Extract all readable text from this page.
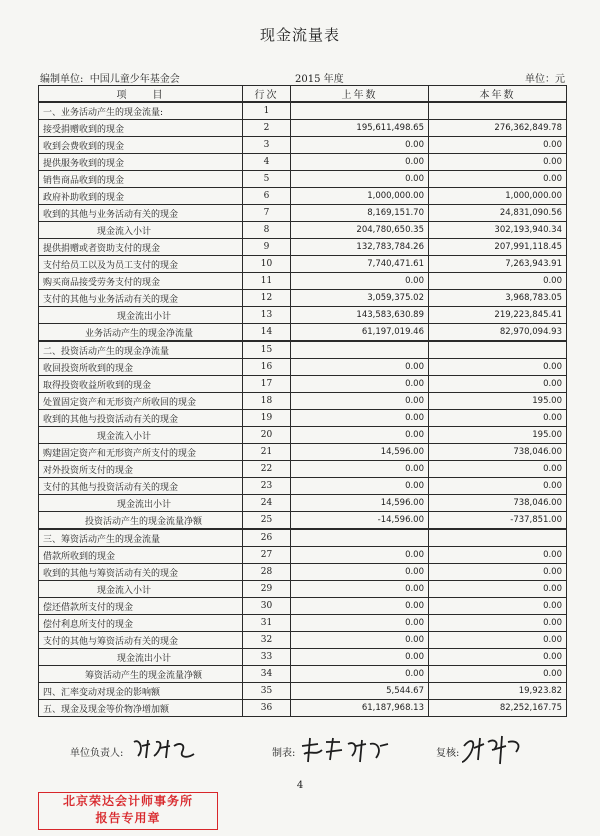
现金流量表
编制单位: 中国儿童少年基金会	2015 年度	单位：元
项　　目	行次	上年数	本年数
一、业务活动产生的现金流量:	1		
接受捐赠收到的现金	2	195,611,498.65	276,362,849.78
收到会费收到的现金	3	0.00	0.00
提供服务收到的现金	4	0.00	0.00
销售商品收到的现金	5	0.00	0.00
政府补助收到的现金	6	1,000,000.00	1,000,000.00
收到的其他与业务活动有关的现金	7	8,169,151.70	24,831,090.56
现金流入小计	8	204,780,650.35	302,193,940.34
提供捐赠或者资助支付的现金	9	132,783,784.26	207,991,118.45
支付给员工以及为员工支付的现金	10	7,740,471.61	7,263,943.91
购买商品接受劳务支付的现金	11	0.00	0.00
支付的其他与业务活动有关的现金	12	3,059,375.02	3,968,783.05
现金流出小计	13	143,583,630.89	219,223,845.41
业务活动产生的现金净流量	14	61,197,019.46	82,970,094.93
二、投资活动产生的现金净流量	15		
收回投资所收到的现金	16	0.00	0.00
取得投资收益所收到的现金	17	0.00	0.00
处置固定资产和无形资产所收回的现金	18	0.00	195.00
收到的其他与投资活动有关的现金	19	0.00	0.00
现金流入小计	20	0.00	195.00
购建固定资产和无形资产所支付的现金	21	14,596.00	738,046.00
对外投资所支付的现金	22	0.00	0.00
支付的其他与投资活动有关的现金	23	0.00	0.00
现金流出小计	24	14,596.00	738,046.00
投资活动产生的现金流量净额	25	-14,596.00	-737,851.00
三、筹资活动产生的现金流量	26		
借款所收到的现金	27	0.00	0.00
收到的其他与筹资活动有关的现金	28	0.00	0.00
现金流入小计	29	0.00	0.00
偿还借款所支付的现金	30	0.00	0.00
偿付利息所支付的现金	31	0.00	0.00
支付的其他与筹资活动有关的现金	32	0.00	0.00
现金流出小计	33	0.00	0.00
筹资活动产生的现金流量净额	34	0.00	0.00
四、汇率变动对现金的影响额	35	5,544.67	19,923.82
五、现金及现金等价物净增加额	36	61,187,968.13	82,252,167.75
单位负责人:	制表:	复核:
4
北京荣达会计师事务所
报告专用章
